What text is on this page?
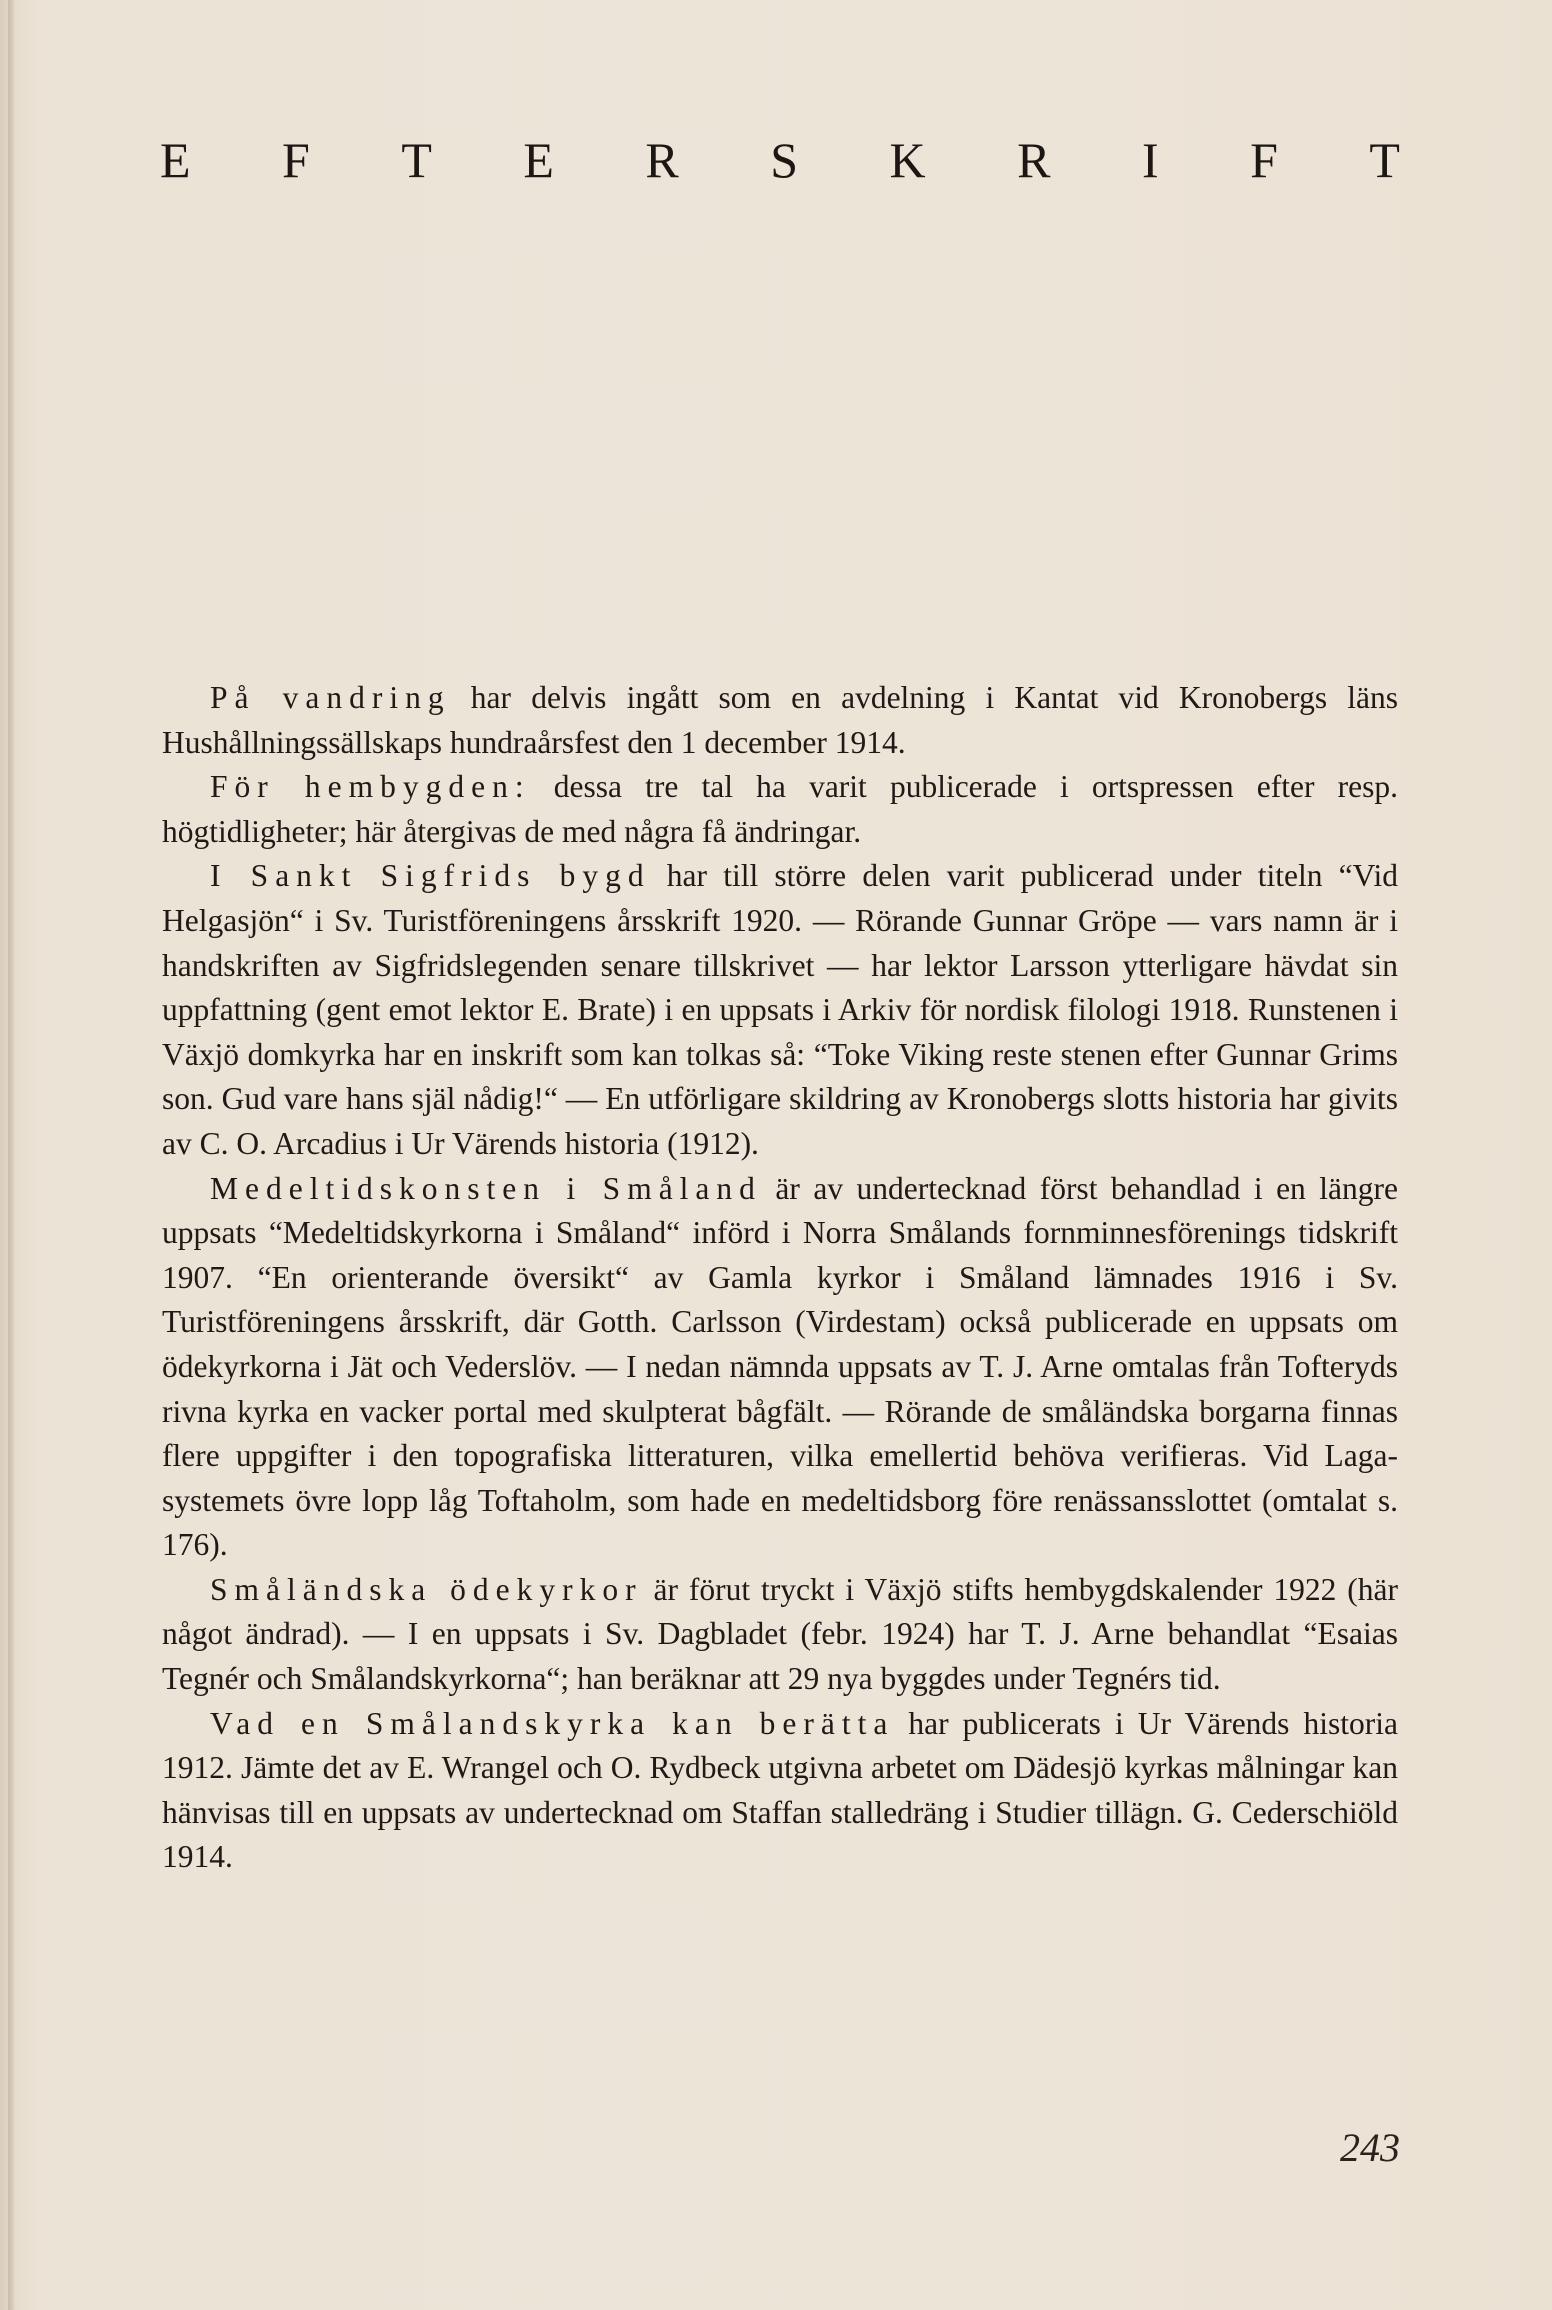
E F T E R S K R I F T

På vandring har delvis ingått som en avdelning i Kantat vid Kronobergs läns Hushållningssällskaps hundraårsfest den 1 december 1914.

För hembygden: dessa tre tal ha varit publicerade i ortspressen efter resp. högtidligheter; här återgivas de med några få ändringar.

I Sankt Sigfrids bygd har till större delen varit publicerad under titeln “Vid Helgasjön“ i Sv. Turistföreningens årsskrift 1920. — Rörande Gunnar Gröpe — vars namn är i handskriften av Sigfridslegenden senare tillskrivet — har lektor Larsson ytterligare hävdat sin uppfattning (gent emot lektor E. Brate) i en uppsats i Arkiv för nordisk filologi 1918. Runstenen i Växjö domkyrka har en inskrift som kan tolkas så: “Toke Viking reste stenen efter Gunnar Grims son. Gud vare hans själ nådig!“ — En utförligare skildring av Kronobergs slotts historia har givits av C. O. Arcadius i Ur Värends historia (1912).

Medeltidskonsten i Småland är av undertecknad först behandlad i en längre uppsats “Medeltidskyrkorna i Småland“ införd i Norra Smålands fornminnesförenings tidskrift 1907. “En orienterande översikt“ av Gamla kyrkor i Småland lämnades 1916 i Sv. Turistföreningens årsskrift, där Gotth. Carlsson (Virdestam) också publicerade en uppsats om ödekyrkorna i Jät och Vederslöv. — I nedan nämnda uppsats av T. J. Arne omtalas från Tofteryds rivna kyrka en vacker portal med skulpterat bågfält. — Rörande de småländska borgarna finnas flere uppgifter i den topografiska litteraturen, vilka emellertid behöva verifieras. Vid Laga-systemets övre lopp låg Toftaholm, som hade en medeltidsborg före renässansslottet (omtalat s. 176).

Småländska ödekyrkor är förut tryckt i Växjö stifts hembygdskalender 1922 (här något ändrad). — I en uppsats i Sv. Dagbladet (febr. 1924) har T. J. Arne behandlat “Esaias Tegnér och Smålandskyrkorna“; han beräknar att 29 nya byggdes under Tegnérs tid.

Vad en Smålandskyrka kan berätta har publicerats i Ur Värends historia 1912. Jämte det av E. Wrangel och O. Rydbeck utgivna arbetet om Dädesjö kyrkas målningar kan hänvisas till en uppsats av undertecknad om Staffan stalledräng i Studier tillägn. G. Cederschiöld 1914.

243
